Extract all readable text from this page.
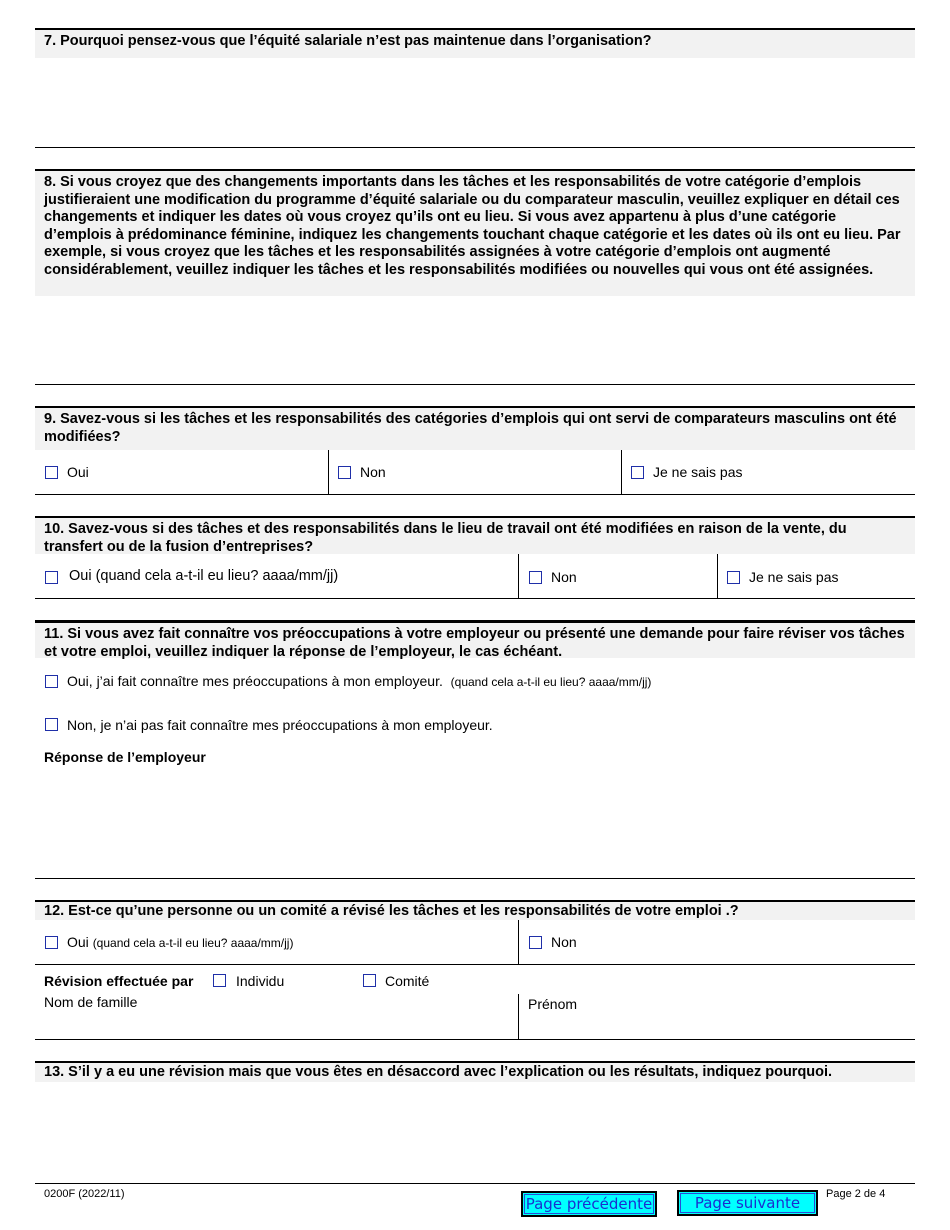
7. Pourquoi pensez-vous que l’équité salariale n’est pas maintenue dans l’organisation?
8. Si vous croyez que des changements importants dans les tâches et les responsabilités de votre catégorie d’emplois justifieraient une modification du programme d’équité salariale ou du comparateur masculin, veuillez expliquer en détail ces changements et indiquer les dates où vous croyez qu’ils ont eu lieu. Si vous avez appartenu à plus d’une catégorie d’emplois à prédominance féminine, indiquez les changements touchant chaque catégorie et les dates où ils ont eu lieu. Par exemple, si vous croyez que les tâches et les responsabilités assignées à votre catégorie d’emplois ont augmenté considérablement, veuillez indiquer les tâches et les responsabilités modifiées ou nouvelles qui vous ont été assignées.
9. Savez-vous si les tâches et les responsabilités des catégories d’emplois qui ont servi de comparateurs masculins ont été modifiées?
Oui	Non	Je ne sais pas
10. Savez-vous si des tâches et des responsabilités dans le lieu de travail ont été modifiées en raison de la vente, du transfert ou de la fusion d’entreprises?
Oui (quand cela a-t-il eu lieu? aaaa/mm/jj)	Non	Je ne sais pas
11. Si vous avez fait connaître vos préoccupations à votre employeur ou présenté une demande pour faire réviser vos tâches et votre emploi, veuillez indiquer la réponse de l’employeur, le cas échéant.
Oui, j’ai fait connaître mes préoccupations à mon employeur. (quand cela a-t-il eu lieu? aaaa/mm/jj)
Non, je n’ai pas fait connaître mes préoccupations à mon employeur.
Réponse de l’employeur
12. Est-ce qu’une personne ou un comité a révisé les tâches et les responsabilités de votre emploi .?
Oui (quand cela a-t-il eu lieu? aaaa/mm/jj)	Non
Révision effectuée par	Individu	Comité
Nom de famille	Prénom
13. S’il y a eu une révision mais que vous êtes en désaccord avec l’explication ou les résultats, indiquez pourquoi.
0200F (2022/11)
Page précédente	Page suivante	Page 2 de 4
